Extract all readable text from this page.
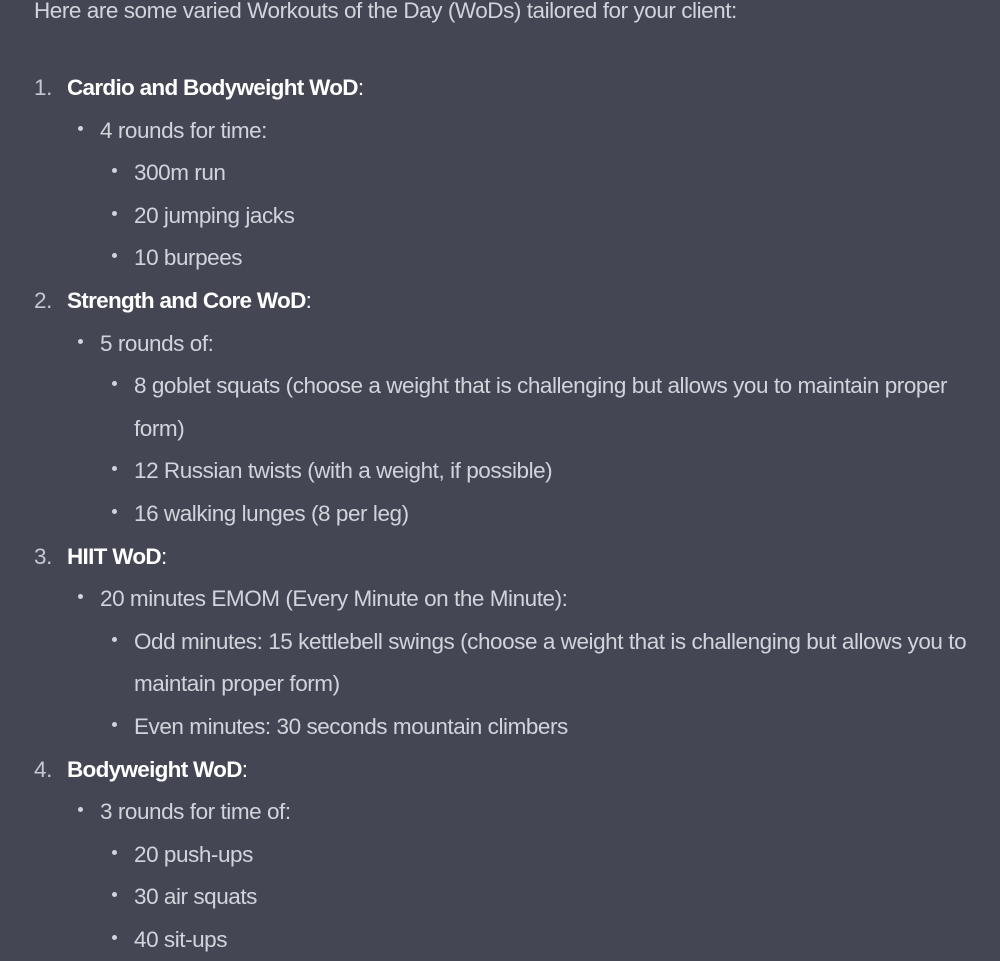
Here are some varied Workouts of the Day (WoDs) tailored for your client:
1. Cardio and Bodyweight WoD:
4 rounds for time:
300m run
20 jumping jacks
10 burpees
2. Strength and Core WoD:
5 rounds of:
8 goblet squats (choose a weight that is challenging but allows you to maintain proper form)
12 Russian twists (with a weight, if possible)
16 walking lunges (8 per leg)
3. HIIT WoD:
20 minutes EMOM (Every Minute on the Minute):
Odd minutes: 15 kettlebell swings (choose a weight that is challenging but allows you to maintain proper form)
Even minutes: 30 seconds mountain climbers
4. Bodyweight WoD:
3 rounds for time of:
20 push-ups
30 air squats
40 sit-ups
